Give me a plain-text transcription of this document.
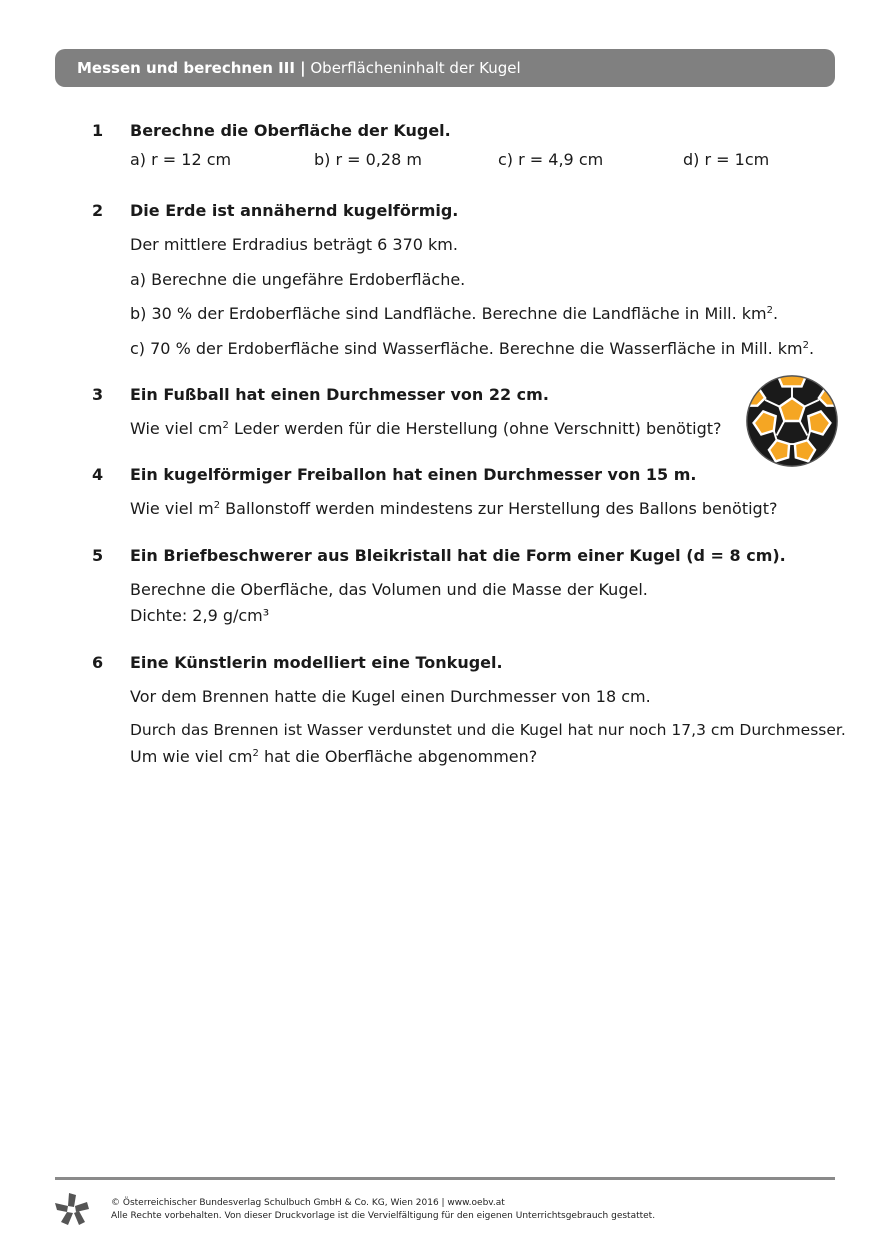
Messen und berechnen III | Oberflächeninhalt der Kugel
1 Berechne die Oberfläche der Kugel.
a) r = 12 cm	b) r = 0,28 m	c) r = 4,9 cm	d) r = 1cm
2 Die Erde ist annähernd kugelförmig.
Der mittlere Erdradius beträgt 6 370 km.
a) Berechne die ungefähre Erdoberfläche.
b) 30 % der Erdoberfläche sind Landfläche. Berechne die Landfläche in Mill. $km^2$.
c) 70 % der Erdoberfläche sind Wasserfläche. Berechne die Wasserfläche in Mill. $km^2$.
3 Ein Fußball hat einen Durchmesser von 22 cm.
Wie viel $cm^2$ Leder werden für die Herstellung (ohne Verschnitt) benötigt?
4 Ein kugelförmiger Freiballon hat einen Durchmesser von 15 m.
Wie viel $m^2$ Ballonstoff werden mindestens zur Herstellung des Ballons benötigt?
5 Ein Briefbeschwerer aus Bleikristall hat die Form einer Kugel (d = 8 cm).
Berechne die Oberfläche, das Volumen und die Masse der Kugel.
Dichte: 2,9 g/cm³
6 Eine Künstlerin modelliert eine Tonkugel.
Vor dem Brennen hatte die Kugel einen Durchmesser von 18 cm.
Durch das Brennen ist Wasser verdunstet und die Kugel hat nur noch 17,3 cm Durchmesser.
Um wie viel $cm^2$ hat die Oberfläche abgenommen?
© Österreichischer Bundesverlag Schulbuch GmbH & Co. KG, Wien 2016 | www.oebv.at
Alle Rechte vorbehalten. Von dieser Druckvorlage ist die Vervielfältigung für den eigenen Unterrichtsgebrauch gestattet.
